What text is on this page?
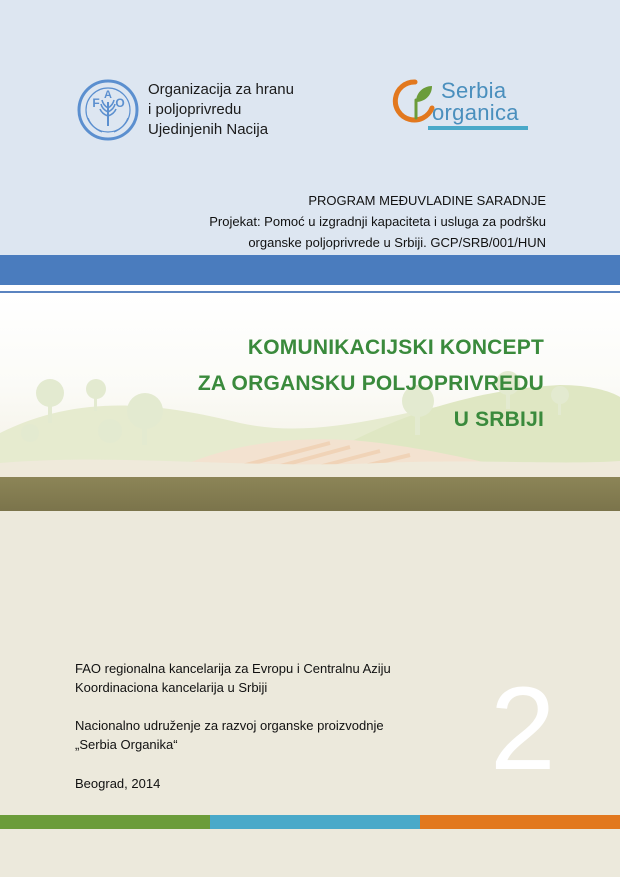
F
A
O
Organizacija za hranu
i poljoprivredu
Ujedinjenih Nacija
Serbia
organica
PROGRAM MEĐUVLADINE SARADNJE
Projekat: Pomoć u izgradnji kapaciteta i usluga za podršku
organske poljoprivrede u Srbiji. GCP/SRB/001/HUN
KOMUNIKACIJSKI KONCEPT
ZA ORGANSKU POLJOPRIVREDU
U SRBIJI
FAO regionalna kancelarija za Evropu i Centralnu Aziju
Koordinaciona kancelarija u Srbiji
Nacionalno udruženje za razvoj organske proizvodnje
„Serbia Organika“
Beograd, 2014	2
